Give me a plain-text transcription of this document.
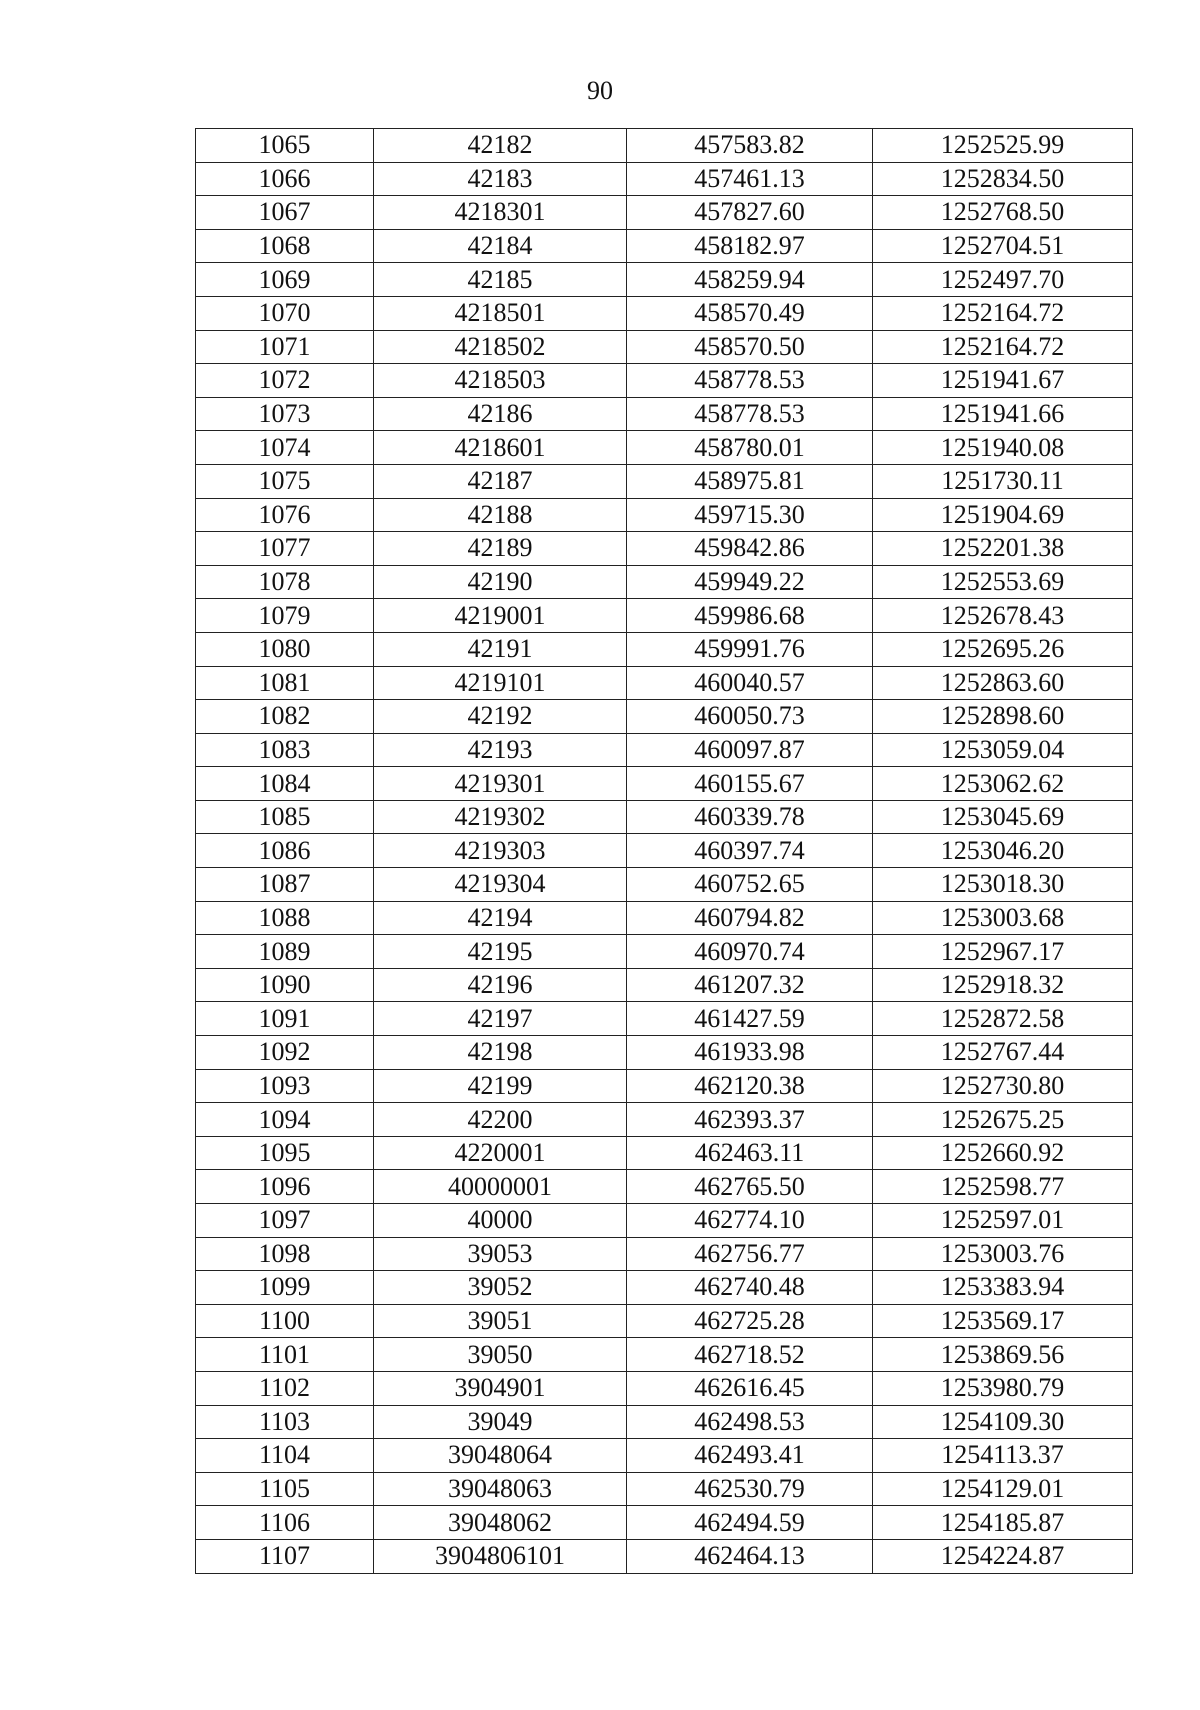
90
1065	42182	457583.82	1252525.99
1066	42183	457461.13	1252834.50
1067	4218301	457827.60	1252768.50
1068	42184	458182.97	1252704.51
1069	42185	458259.94	1252497.70
1070	4218501	458570.49	1252164.72
1071	4218502	458570.50	1252164.72
1072	4218503	458778.53	1251941.67
1073	42186	458778.53	1251941.66
1074	4218601	458780.01	1251940.08
1075	42187	458975.81	1251730.11
1076	42188	459715.30	1251904.69
1077	42189	459842.86	1252201.38
1078	42190	459949.22	1252553.69
1079	4219001	459986.68	1252678.43
1080	42191	459991.76	1252695.26
1081	4219101	460040.57	1252863.60
1082	42192	460050.73	1252898.60
1083	42193	460097.87	1253059.04
1084	4219301	460155.67	1253062.62
1085	4219302	460339.78	1253045.69
1086	4219303	460397.74	1253046.20
1087	4219304	460752.65	1253018.30
1088	42194	460794.82	1253003.68
1089	42195	460970.74	1252967.17
1090	42196	461207.32	1252918.32
1091	42197	461427.59	1252872.58
1092	42198	461933.98	1252767.44
1093	42199	462120.38	1252730.80
1094	42200	462393.37	1252675.25
1095	4220001	462463.11	1252660.92
1096	40000001	462765.50	1252598.77
1097	40000	462774.10	1252597.01
1098	39053	462756.77	1253003.76
1099	39052	462740.48	1253383.94
1100	39051	462725.28	1253569.17
1101	39050	462718.52	1253869.56
1102	3904901	462616.45	1253980.79
1103	39049	462498.53	1254109.30
1104	39048064	462493.41	1254113.37
1105	39048063	462530.79	1254129.01
1106	39048062	462494.59	1254185.87
1107	3904806101	462464.13	1254224.87
